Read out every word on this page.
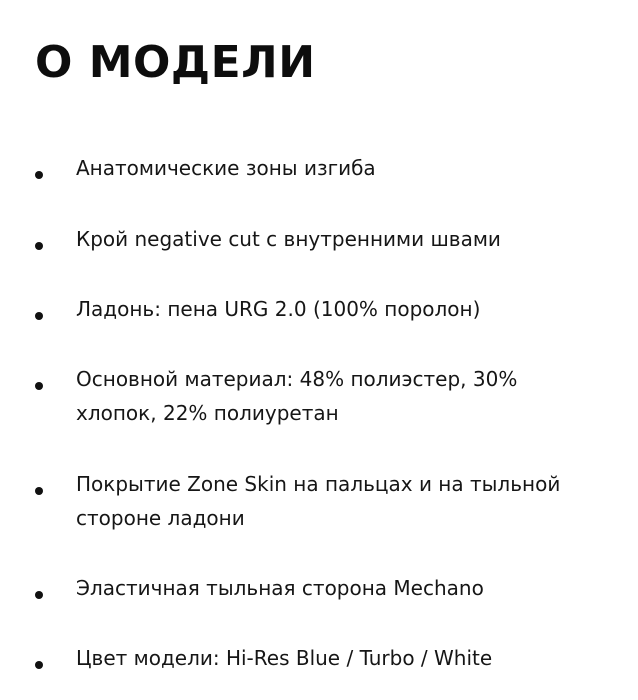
О МОДЕЛИ
Анатомические зоны изгиба
Крой negative cut с внутренними швами
Ладонь: пена URG 2.0 (100% поролон)
Основной материал: 48% полиэстер, 30%
хлопок, 22% полиуретан
Покрытие Zone Skin на пальцах и на тыльной
стороне ладони
Эластичная тыльная сторона Mechano
Цвет модели: Hi-Res Blue / Turbo / White
